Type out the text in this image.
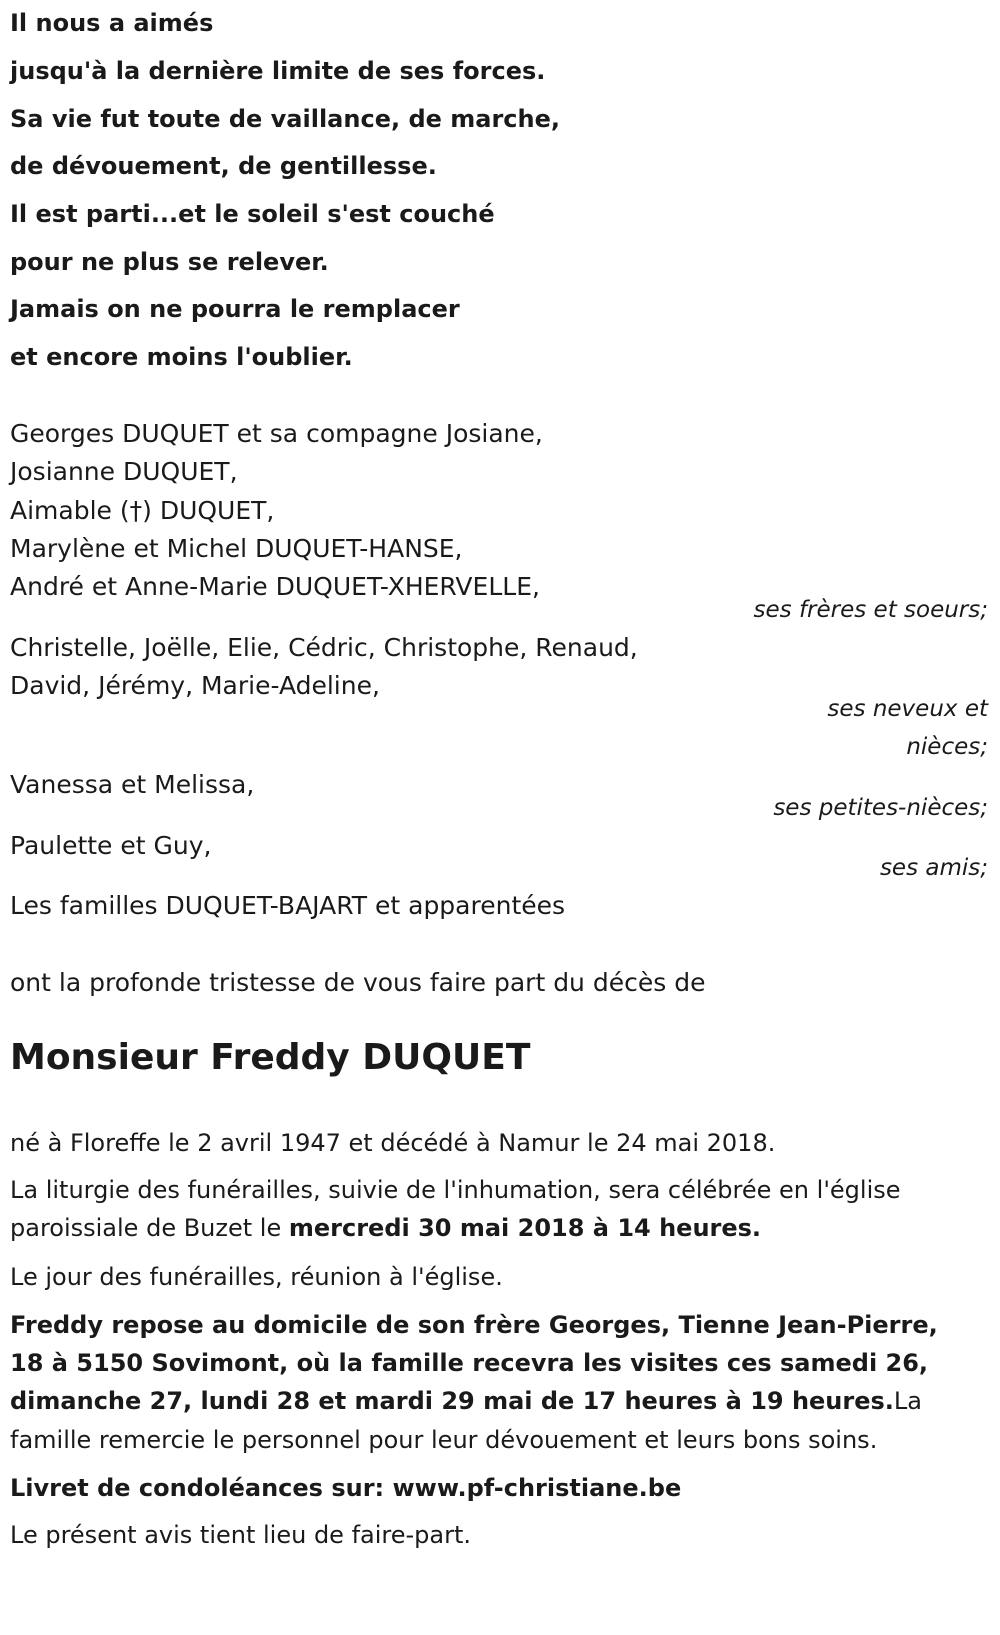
Il nous a aimés
jusqu'à la dernière limite de ses forces.
Sa vie fut toute de vaillance, de marche,
de dévouement, de gentillesse.
Il est parti...et le soleil s'est couché
pour ne plus se relever.
Jamais on ne pourra le remplacer
et encore moins l'oublier.
Georges DUQUET et sa compagne Josiane,
Josianne DUQUET,
Aimable (†) DUQUET,
Marylène et Michel DUQUET-HANSE,
André et Anne-Marie DUQUET-XHERVELLE,
ses frères et soeurs;
Christelle, Joëlle, Elie, Cédric, Christophe, Renaud,
David, Jérémy, Marie-Adeline,
ses neveux et
nièces;
Vanessa et Melissa,
ses petites-nièces;
Paulette et Guy,
ses amis;
Les familles DUQUET-BAJART et apparentées
ont la profonde tristesse de vous faire part du décès de
Monsieur Freddy DUQUET
né à Floreffe le 2 avril 1947 et décédé à Namur le 24 mai 2018.
La liturgie des funérailles, suivie de l'inhumation, sera célébrée en l'église
paroissiale de Buzet le mercredi 30 mai 2018 à 14 heures.
Le jour des funérailles, réunion à l'église.
Freddy repose au domicile de son frère Georges, Tienne Jean-Pierre,
18 à 5150 Sovimont, où la famille recevra les visites ces samedi 26,
dimanche 27, lundi 28 et mardi 29 mai de 17 heures à 19 heures.La
famille remercie le personnel pour leur dévouement et leurs bons soins.
Livret de condoléances sur: www.pf-christiane.be
Le présent avis tient lieu de faire-part.
